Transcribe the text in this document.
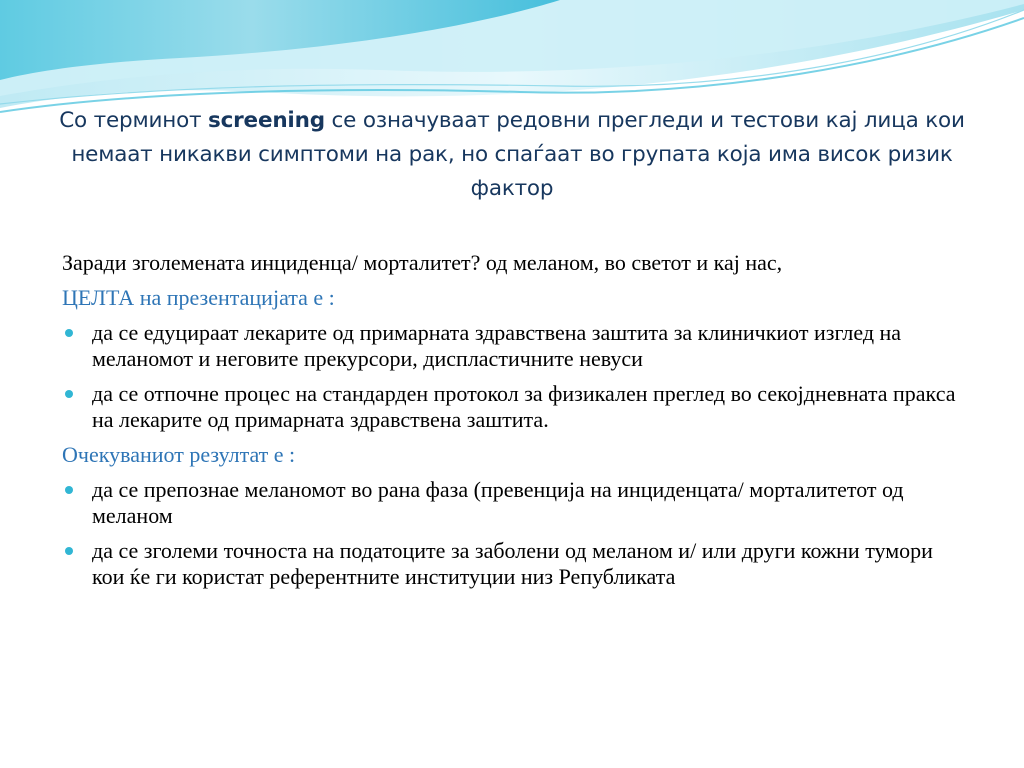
Со терминот screening се означуваат редовни прегледи и тестови кај лица кои немаат никакви симптоми на рак, но спаѓаат во групата која има висок ризик фактор

Заради зголемената инциденца/ морталитет? од меланом, во светот и кај нас,

ЦЕЛТА на презентацијата е :

да се едуцираат лекарите од примарната здравствена заштита за клиничкиот изглед на меланомот и неговите прекурсори, диспластичните невуси
да се отпочне процес на стандарден протокол за физикален преглед во секојдневната пракса на лекарите од примарната здравствена заштита.

Очекуваниот резултат е :

да се препознае меланомот во рана фаза (превенција на инциденцата/ морталитетот од меланом
да се зголеми точноста на податоците за заболени од меланом и/ или други кожни тумори кои ќе ги користат референтните институции низ Републиката
